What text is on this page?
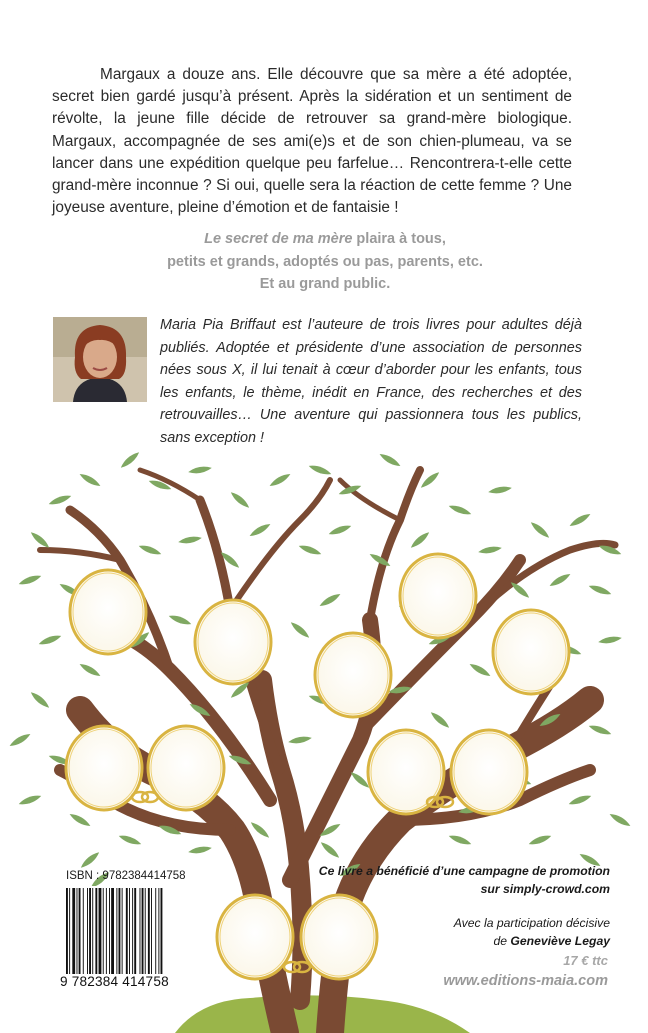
Margaux a douze ans. Elle découvre que sa mère a été adoptée, secret bien gardé jusqu’à présent. Après la sidération et un sentiment de révolte, la jeune fille décide de retrouver sa grand-mère biologique. Margaux, accompagnée de ses ami(e)s et de son chien-plumeau, va se lancer dans une expédition quelque peu farfelue… Rencontrera-t-elle cette grand-mère inconnue ? Si oui, quelle sera la réaction de cette femme ? Une joyeuse aventure, pleine d’émotion et de fantaisie !

Le secret de ma mère plaira à tous,
petits et grands, adoptés ou pas, parents, etc.
Et au grand public.

Maria Pia Briffaut est l’auteure de trois livres pour adultes déjà publiés. Adoptée et présidente d’une association de personnes nées sous X, il lui tenait à cœur d’aborder pour les enfants, tous les enfants, le thème, inédit en France, des recherches et des retrouvailles… Une aventure qui passionnera tous les publics, sans exception !

ISBN : 9782384414758
9 782384 414758

Ce livre a bénéficié d’une campagne de promotion

sur simply-crowd.com

Avec la participation décisive

de Geneviève Legay

17 € ttc
www.editions-maia.com
